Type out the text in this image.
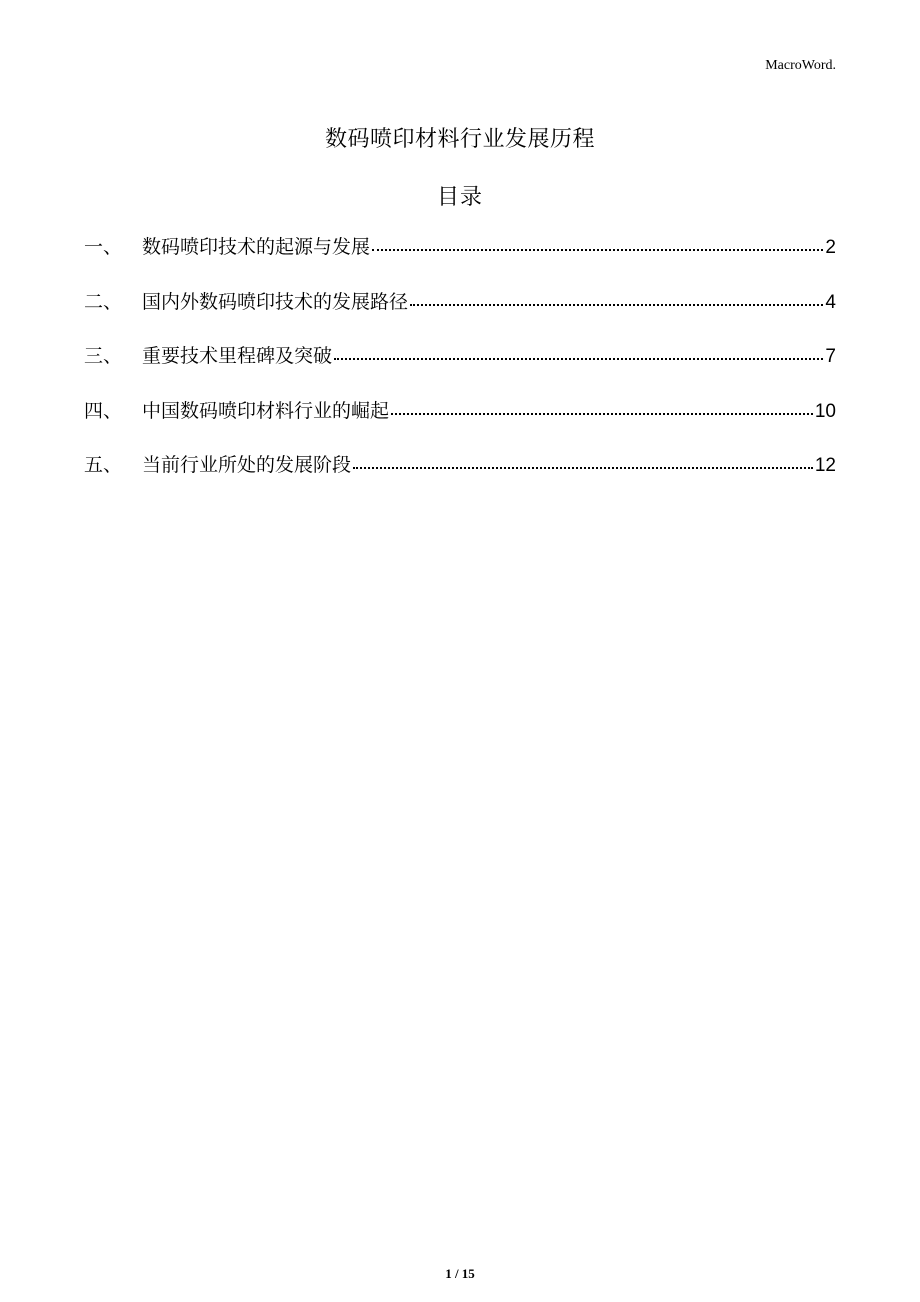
MacroWord.
数码喷印材料行业发展历程
目录
一、	数码喷印技术的起源与发展	2
二、	国内外数码喷印技术的发展路径	4
三、	重要技术里程碑及突破	7
四、	中国数码喷印材料行业的崛起	10
五、	当前行业所处的发展阶段	12
1 / 15
